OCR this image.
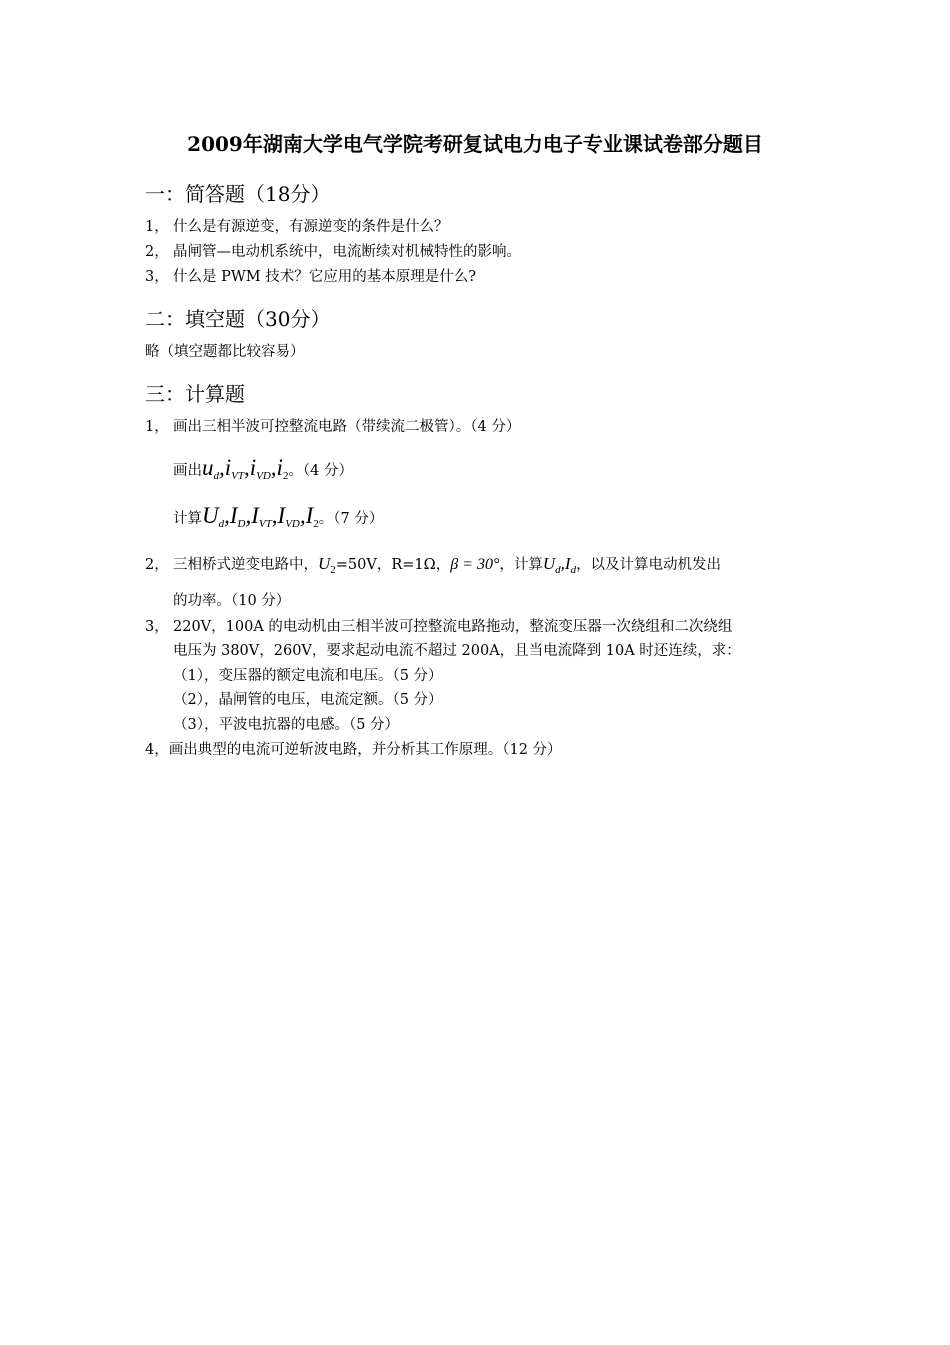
2009年湖南大学电气学院考研复试电力电子专业课试卷部分题目
一：简答题（18分）
1， 什么是有源逆变，有源逆变的条件是什么？
2， 晶闸管—电动机系统中，电流断续对机械特性的影响。
3， 什么是 PWM 技术？它应用的基本原理是什么?
二：填空题（30分）
略（填空题都比较容易）
三：计算题
1， 画出三相半波可控整流电路（带续流二极管）。（4 分）
画出$u_d,i_{VT},i_{VD},i2$。（4 分）
计算$U_d,I_D,I_{VT},I_{VD},I2$。（7 分）
2， 三相桥式逆变电路中，$U_2=50V$，R=1Ω，β = 30°，计算$U_d,I_d$，以及计算电动机发出
的功率。（10 分）
3， 220V，100A 的电动机由三相半波可控整流电路拖动，整流变压器一次绕组和二次绕组
电压为 380V，260V，要求起动电流不超过 200A，且当电流降到 10A 时还连续，求：
（1），变压器的额定电流和电压。（5 分）
（2），晶闸管的电压，电流定额。（5 分）
（3），平波电抗器的电感。（5 分）
4，画出典型的电流可逆斩波电路，并分析其工作原理。（12 分）
